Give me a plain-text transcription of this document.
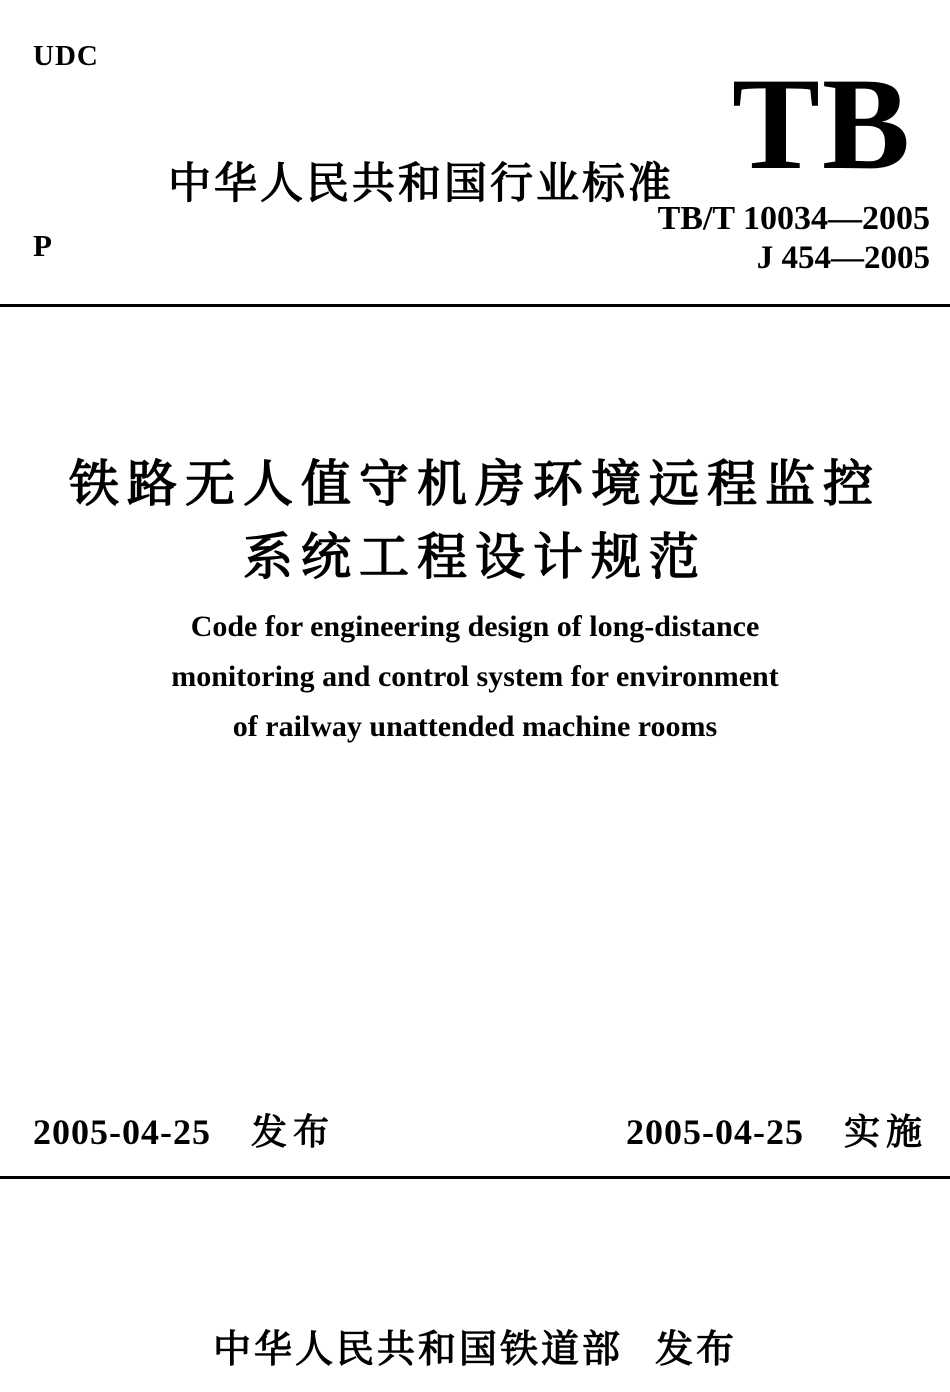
UDC
中华人民共和国行业标准 TB
TB/T 10034—2005
J 454—2005
P
铁路无人值守机房环境远程监控
系统工程设计规范
Code for engineering design of long-distance
monitoring and control system for environment
of railway unattended machine rooms
2005-04-25 发布	2005-04-25 实施
中华人民共和国铁道部 发布
